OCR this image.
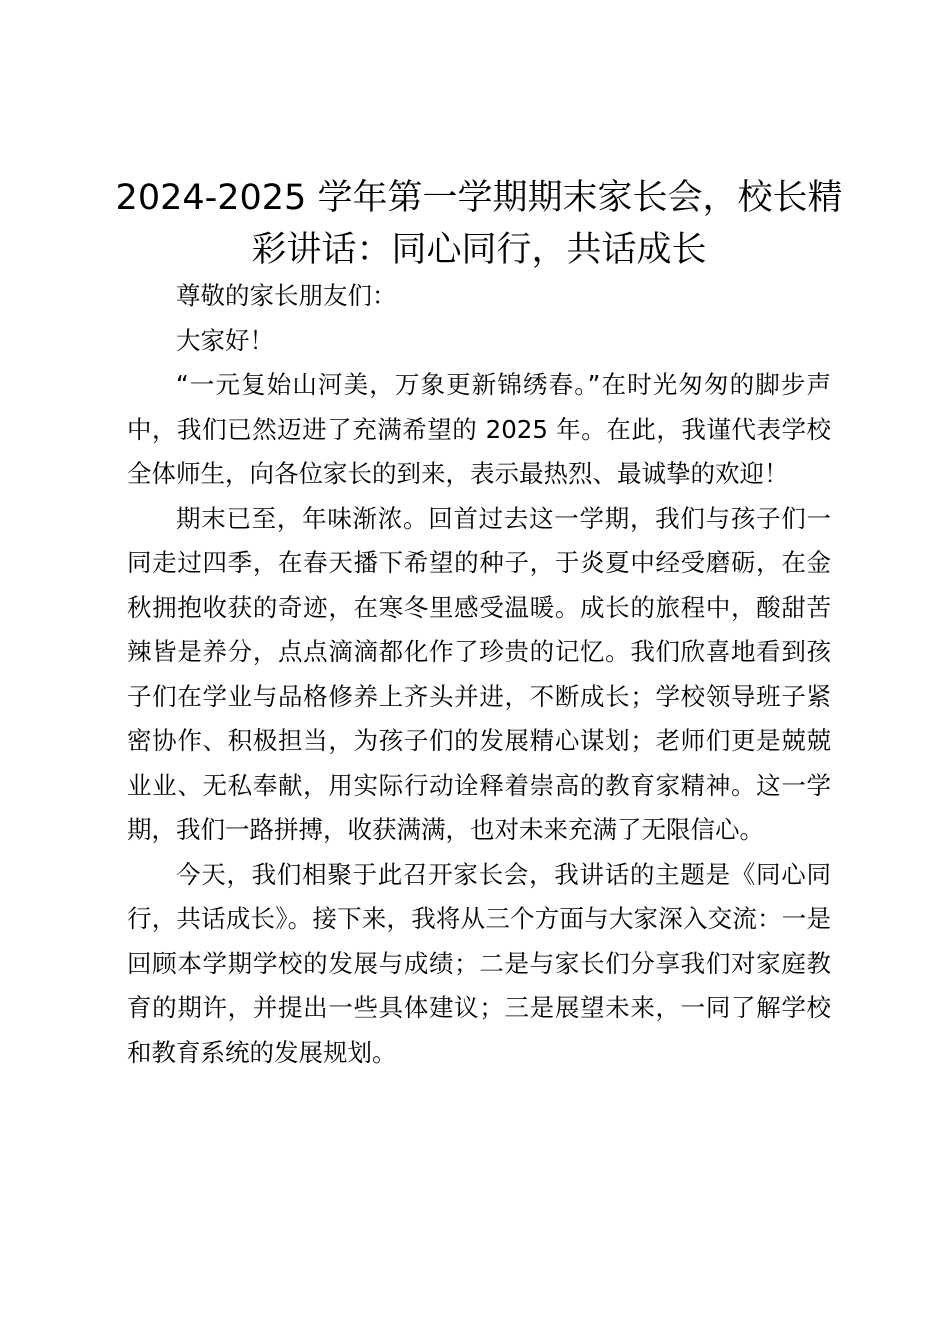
2024-2025 学年第一学期期末家长会，校长精彩讲话：同心同行，共话成长

尊敬的家长朋友们：

大家好！

“一元复始山河美，万象更新锦绣春。”在时光匆匆的脚步声中，我们已然迈进了充满希望的 2025 年。在此，我谨代表学校全体师生，向各位家长的到来，表示最热烈、最诚挚的欢迎！

期末已至，年味渐浓。回首过去这一学期，我们与孩子们一同走过四季，在春天播下希望的种子，于炎夏中经受磨砺，在金秋拥抱收获的奇迹，在寒冬里感受温暖。成长的旅程中，酸甜苦辣皆是养分，点点滴滴都化作了珍贵的记忆。我们欣喜地看到孩子们在学业与品格修养上齐头并进，不断成长；学校领导班子紧密协作、积极担当，为孩子们的发展精心谋划；老师们更是兢兢业业、无私奉献，用实际行动诠释着崇高的教育家精神。这一学期，我们一路拼搏，收获满满，也对未来充满了无限信心。

今天，我们相聚于此召开家长会，我讲话的主题是《同心同行，共话成长》。接下来，我将从三个方面与大家深入交流：一是回顾本学期学校的发展与成绩；二是与家长们分享我们对家庭教育的期许，并提出一些具体建议；三是展望未来，一同了解学校和教育系统的发展规划。
